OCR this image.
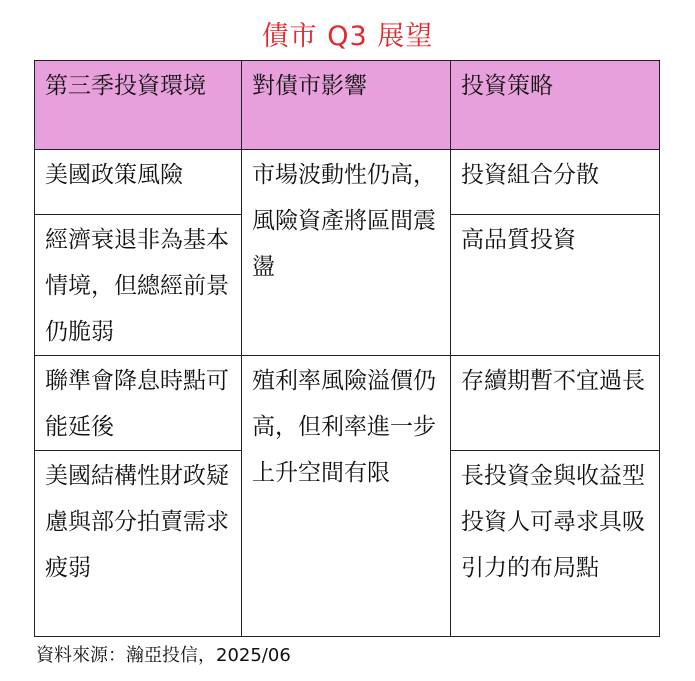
債市 Q3 展望
第三季投資環境	對債市影響	投資策略
美國政策風險	市場波動性仍高，風險資產將區間震盪	投資組合分散
經濟衰退非為基本情境，但總經前景仍脆弱		高品質投資
聯準會降息時點可能延後	殖利率風險溢價仍高，但利率進一步上升空間有限	存續期暫不宜過長
美國結構性財政疑慮與部分拍賣需求疲弱		長投資金與收益型投資人可尋求具吸引力的布局點
資料來源：瀚亞投信，2025/06
